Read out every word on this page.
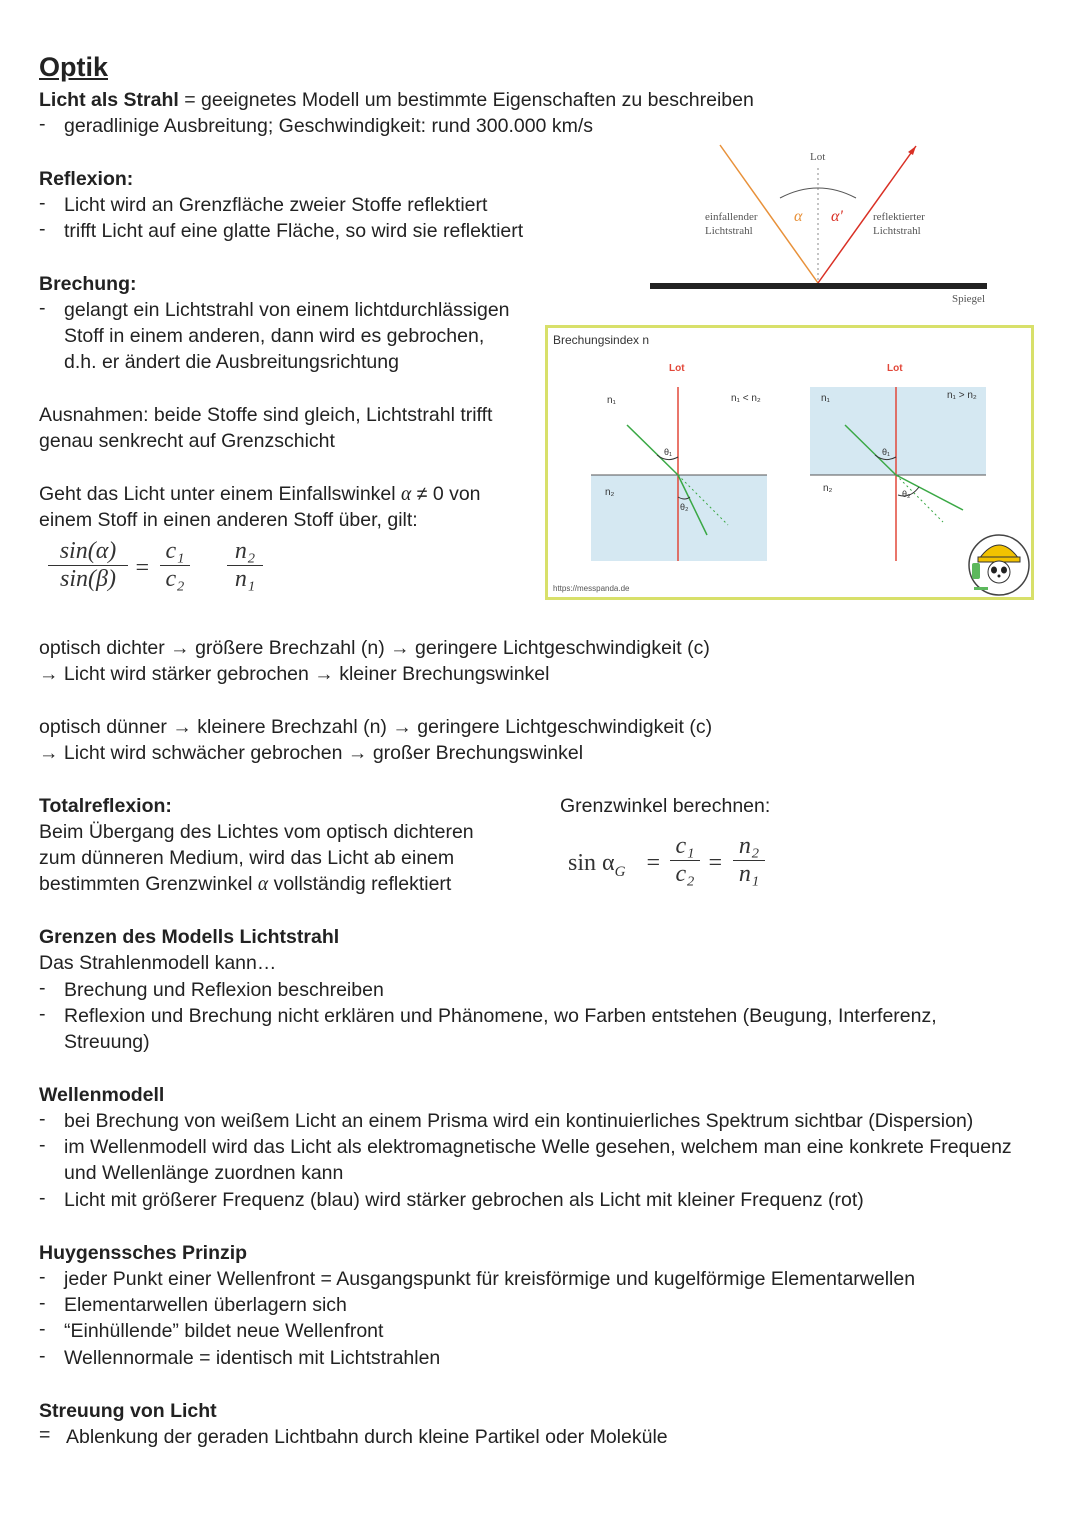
Optik
Licht als Strahl = geeignetes Modell um bestimmte Eigenschaften zu beschreiben
- geradlinige Ausbreitung; Geschwindigkeit: rund 300.000 km/s
Reflexion:
- Licht wird an Grenzfläche zweier Stoffe reflektiert
- trifft Licht auf eine glatte Fläche, so wird sie reflektiert
Lot
einfallender
Lichtstrahl
reflektierter
Lichtstrahl
α α'
Spiegel
Brechung:
- gelangt ein Lichtstrahl von einem lichtdurchlässigen
Stoff in einem anderen, dann wird es gebrochen,
d.h. er ändert die Ausbreitungsrichtung
Ausnahmen: beide Stoffe sind gleich, Lichtstrahl trifft
genau senkrecht auf Grenzschicht
Geht das Licht unter einem Einfallswinkel α ≠ 0 von
einem Stoff in einen anderen Stoff über, gilt:
$\frac{\sin(\alpha)}{\sin(\beta)} = \frac{\text{c₁}}{\text{c₂}} \frac{\text{n₂}}{\text{n₁}}$
Brechungsindex n
Lot
n₁
n₂
n₁ < n₂
θ₁
θ₂
Lot
n₁
n₂
n₁ > n₂
θ₁
θ₂
https://messpanda.de
optisch dichter → größere Brechzahl (n) → geringere Lichtgeschwindigkeit (c)
→ Licht wird stärker gebrochen → kleiner Brechungswinkel
optisch dünner → kleinere Brechzahl (n) → geringere Lichtgeschwindigkeit (c)
→ Licht wird schwächer gebrochen → großer Brechungswinkel
Totalreflexion:
Beim Übergang des Lichtes vom optisch dichteren
zum dünneren Medium, wird das Licht ab einem
bestimmten Grenzwinkel α vollständig reflektiert
Grenzwinkel berechnen:
$\sin \alpha_G = \frac{\text{c₁}}{\text{c₂}} = \frac{\text{n₂}}{\text{n₁}}$
Grenzen des Modells Lichtstrahl
Das Strahlenmodell kann…
- Brechung und Reflexion beschreiben
- Reflexion und Brechung nicht erklären und Phänomene, wo Farben entstehen (Beugung, Interferenz,
Streuung)
Wellenmodell
- bei Brechung von weißem Licht an einem Prisma wird ein kontinuierliches Spektrum sichtbar (Dispersion)
- im Wellenmodell wird das Licht als elektromagnetische Welle gesehen, welchem man eine konkrete Frequenz
und Wellenlänge zuordnen kann
- Licht mit größerer Frequenz (blau) wird stärker gebrochen als Licht mit kleiner Frequenz (rot)
Huygenssches Prinzip
- jeder Punkt einer Wellenfront = Ausgangspunkt für kreisförmige und kugelförmige Elementarwellen
- Elementarwellen überlagern sich
- “Einhüllende” bildet neue Wellenfront
- Wellennormale = identisch mit Lichtstrahlen
Streuung von Licht
= Ablenkung der geraden Lichtbahn durch kleine Partikel oder Moleküle
